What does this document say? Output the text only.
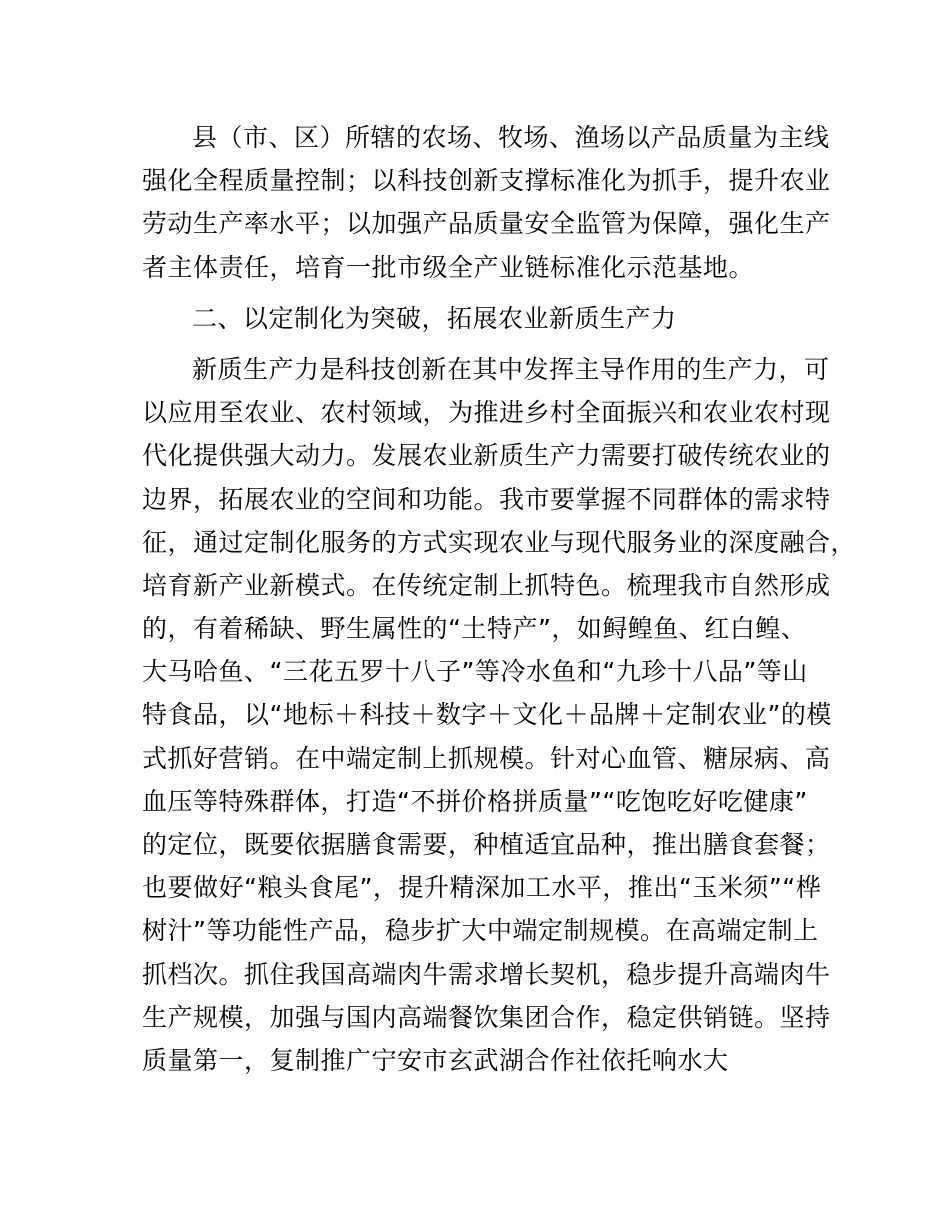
县（市、区）所辖的农场、牧场、渔场以产品质量为主线
强化全程质量控制；以科技创新支撑标准化为抓手，提升农业
劳动生产率水平；以加强产品质量安全监管为保障，强化生产
者主体责任，培育一批市级全产业链标准化示范基地。
二、以定制化为突破，拓展农业新质生产力
新质生产力是科技创新在其中发挥主导作用的生产力，可
以应用至农业、农村领域，为推进乡村全面振兴和农业农村现
代化提供强大动力。发展农业新质生产力需要打破传统农业的
边界，拓展农业的空间和功能。我市要掌握不同群体的需求特
征，通过定制化服务的方式实现农业与现代服务业的深度融合，
培育新产业新模式。在传统定制上抓特色。梳理我市自然形成
的，有着稀缺、野生属性的“土特产”，如鲟鳇鱼、红白鳇、
大马哈鱼、“三花五罗十八子”等冷水鱼和“九珍十八品”等山
特食品，以“地标＋科技＋数字＋文化＋品牌＋定制农业”的模
式抓好营销。在中端定制上抓规模。针对心血管、糖尿病、高
血压等特殊群体，打造“不拼价格拼质量”“吃饱吃好吃健康”
的定位，既要依据膳食需要，种植适宜品种，推出膳食套餐；
也要做好“粮头食尾”，提升精深加工水平，推出“玉米须”“桦
树汁”等功能性产品，稳步扩大中端定制规模。在高端定制上
抓档次。抓住我国高端肉牛需求增长契机，稳步提升高端肉牛
生产规模，加强与国内高端餐饮集团合作，稳定供销链。坚持
质量第一，复制推广宁安市玄武湖合作社依托响水大
